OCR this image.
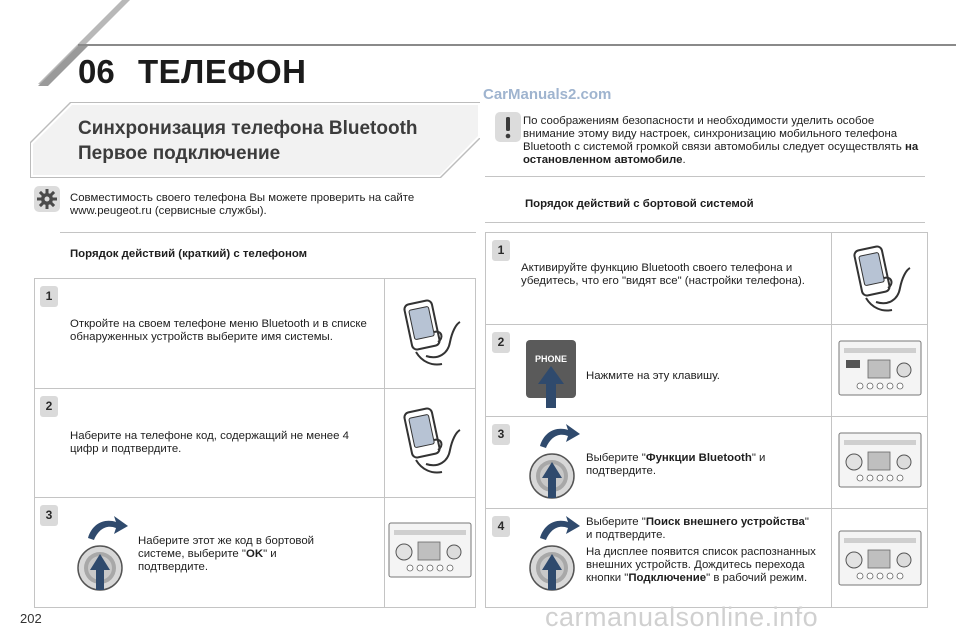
06 ТЕЛЕФОН
CarManuals2.com
Синхронизация телефона Bluetooth
Первое подключение
По соображениям безопасности и необходимости уделить особое внимание этому виду настроек, синхронизацию мобильного телефона Bluetooth с системой громкой связи автомобилы следует осуществлять на остановленном автомобиле.
Совместимость своего телефона Вы можете проверить на сайте www.peugeot.ru (сервисные службы).
Порядок действий (краткий) с телефоном
1
Откройте на своем телефоне меню Bluetooth и в списке обнаруженных устройств выберите имя системы.
2
Наберите на телефоне код, содержащий не менее 4 цифр и подтвердите.
3
Наберите этот же код в бортовой системе, выберите "OK" и подтвердите.
Порядок действий с бортовой системой
1
Активируйте функцию Bluetooth своего телефона и убедитесь, что его "видят все" (настройки телефона).
2
PHONE
Нажмите на эту клавишу.
3
Выберите "Функции Bluetooth" и подтвердите.
4	Выберите "Поиск внешнего устройства" и подтвердите.
На дисплее появится список распознанных внешних устройств. Дождитесь перехода кнопки "Подключение" в рабочий режим.
202	carmanualsonline.info
